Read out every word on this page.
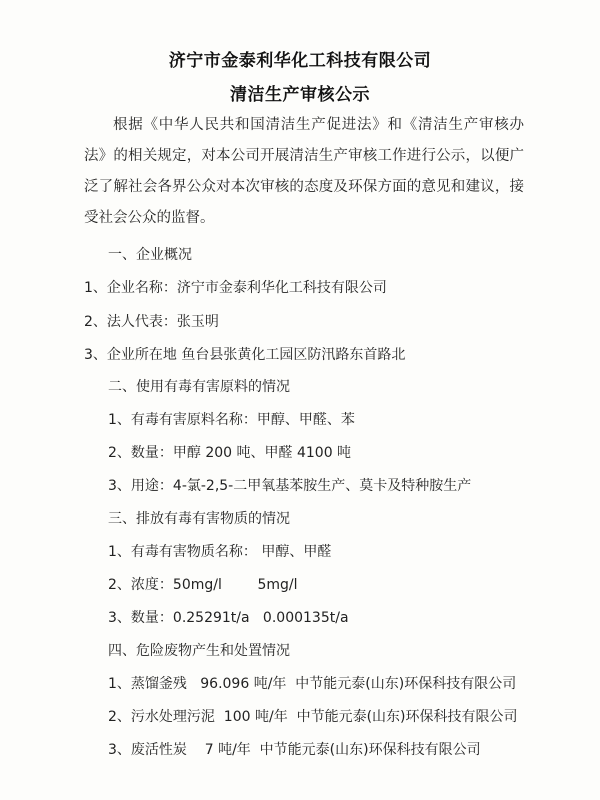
济宁市金泰利华化工科技有限公司
清洁生产审核公示
根据《中华人民共和国清洁生产促进法》和《清洁生产审核办法》的相关规定，对本公司开展清洁生产审核工作进行公示，以便广泛了解社会各界公众对本次审核的态度及环保方面的意见和建议，接受社会公众的监督。
一、企业概况
1、企业名称：济宁市金泰利华化工科技有限公司
2、法人代表：张玉明
3、企业所在地 鱼台县张黄化工园区防汛路东首路北
二、使用有毒有害原料的情况
1、有毒有害原料名称：甲醇、甲醛、苯
2、数量：甲醇 200 吨、甲醛 4100 吨
3、用途：4-氯-2,5-二甲氧基苯胺生产、莫卡及特种胺生产
三、排放有毒有害物质的情况
1、有毒有害物质名称： 甲醇、甲醛
2、浓度：50mg/l        5mg/l
3、数量：0.25291t/a   0.000135t/a
四、危险废物产生和处置情况
1、蒸馏釜残   96.096 吨/年  中节能元泰(山东)环保科技有限公司
2、污水处理污泥  100 吨/年  中节能元泰(山东)环保科技有限公司
3、废活性炭    7 吨/年  中节能元泰(山东)环保科技有限公司
